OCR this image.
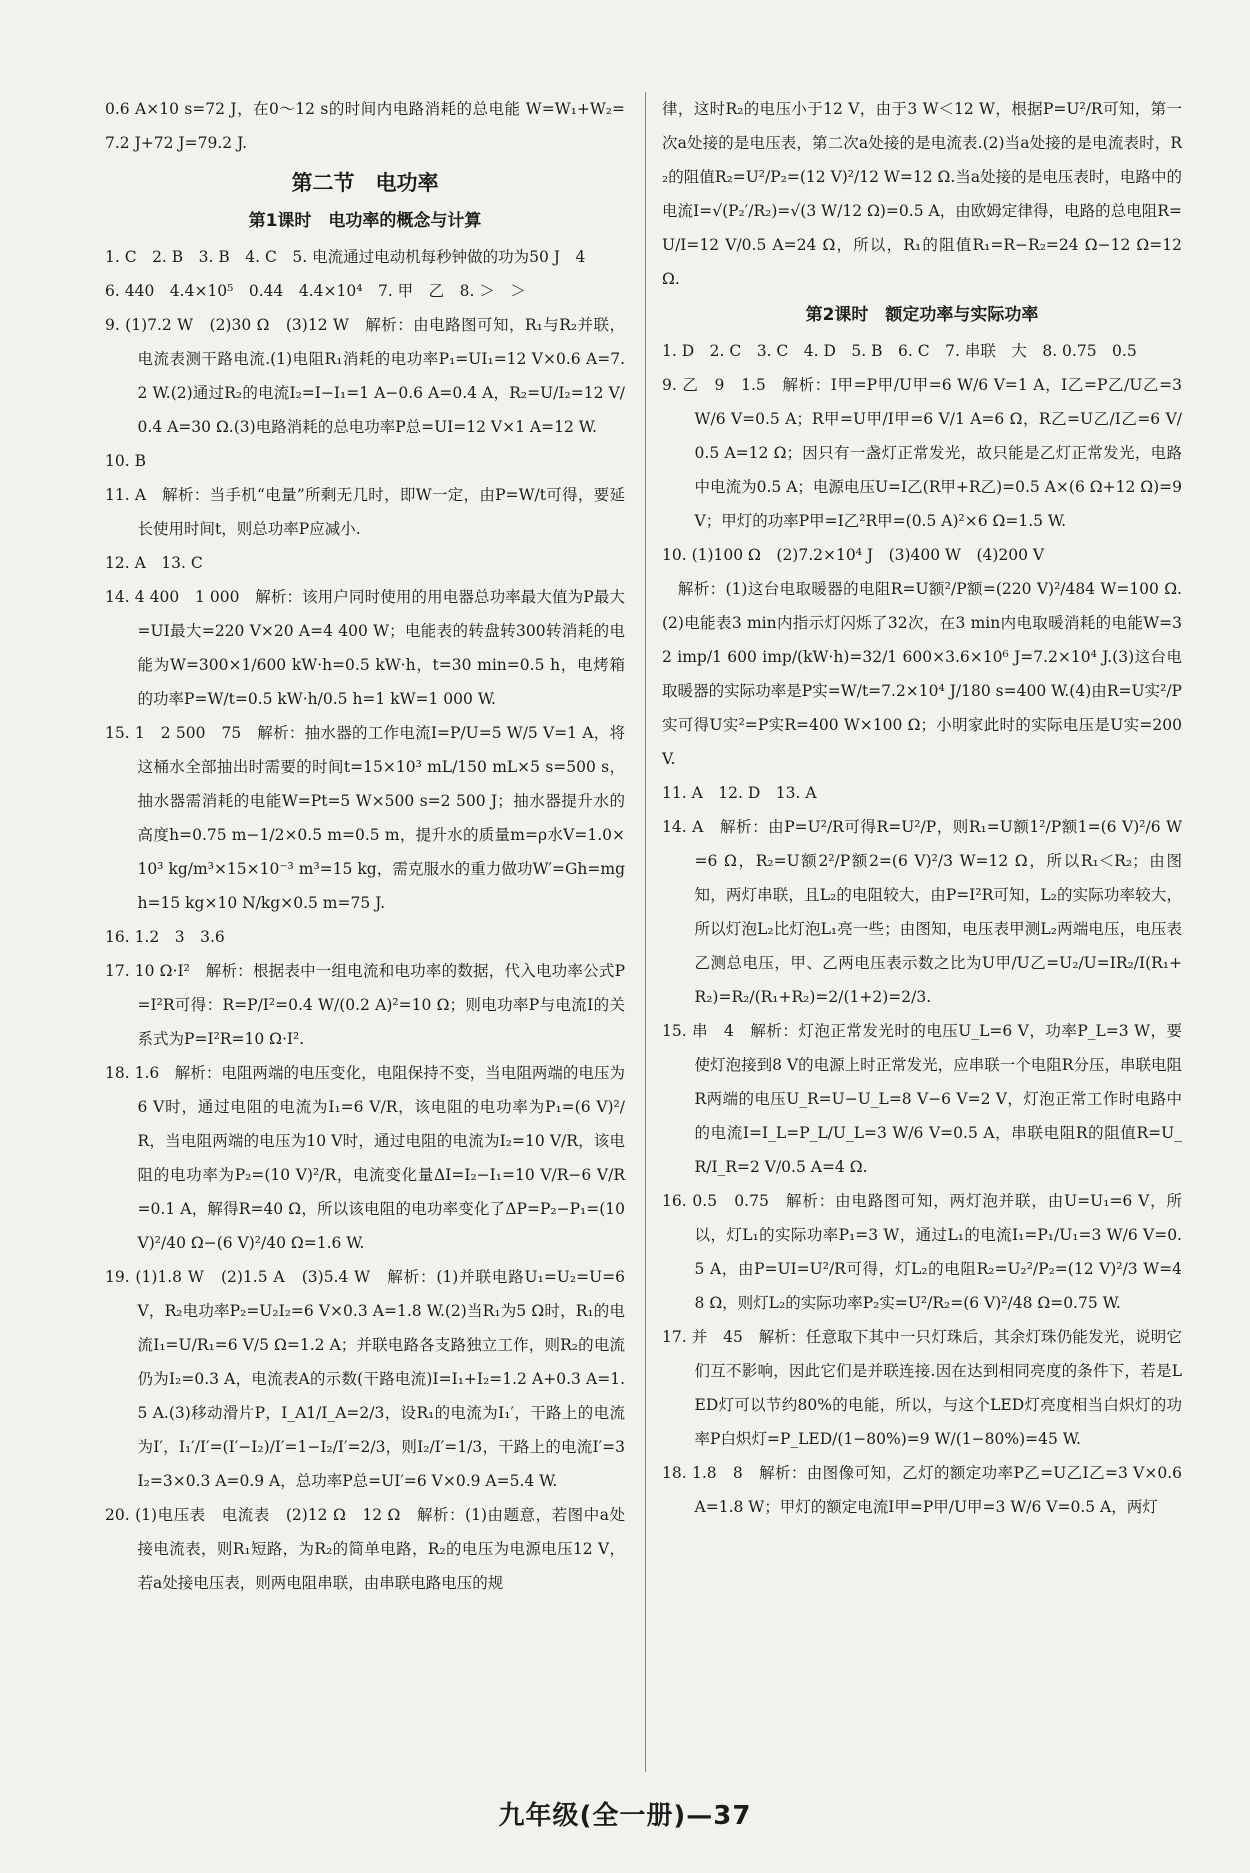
0.6 A×10 s=72 J，在0～12 s的时间内电路消耗的总电能 W=W₁+W₂=7.2 J+72 J=79.2 J.
第二节　电功率
第1课时　电功率的概念与计算
1. C　2. B　3. B　4. C　5. 电流通过电动机每秒钟做的功为50 J　4
6. 440　4.4×10⁵　0.44　4.4×10⁴　7. 甲　乙　8. ＞　＞
9. (1)7.2 W　(2)30 Ω　(3)12 W　解析：由电路图可知，R₁与R₂并联，电流表测干路电流.(1)电阻R₁消耗的电功率P₁=UI₁=12 V×0.6 A=7.2 W.(2)通过R₂的电流I₂=I−I₁=1 A−0.6 A=0.4 A，R₂=U/I₂=12 V/0.4 A=30 Ω.(3)电路消耗的总电功率P总=UI=12 V×1 A=12 W.
10. B
11. A　解析：当手机“电量”所剩无几时，即W一定，由P=W/t可得，要延长使用时间t，则总功率P应减小.
12. A　13. C
14. 4 400　1 000　解析：该用户同时使用的用电器总功率最大值为P最大=UI最大=220 V×20 A=4 400 W；电能表的转盘转300转消耗的电能为W=300×1/600 kW·h=0.5 kW·h，t=30 min=0.5 h，电烤箱的功率P=W/t=0.5 kW·h/0.5 h=1 kW=1 000 W.
15. 1　2 500　75　解析：抽水器的工作电流I=P/U=5 W/5 V=1 A，将这桶水全部抽出时需要的时间t=15×10³ mL/150 mL×5 s=500 s，抽水器需消耗的电能W=Pt=5 W×500 s=2 500 J；抽水器提升水的高度h=0.75 m−1/2×0.5 m=0.5 m，提升水的质量m=ρ水V=1.0×10³ kg/m³×15×10⁻³ m³=15 kg，需克服水的重力做功W′=Gh=mgh=15 kg×10 N/kg×0.5 m=75 J.
16. 1.2　3　3.6
17. 10 Ω·I²　解析：根据表中一组电流和电功率的数据，代入电功率公式P=I²R可得：R=P/I²=0.4 W/(0.2 A)²=10 Ω；则电功率P与电流I的关系式为P=I²R=10 Ω·I².
18. 1.6　解析：电阻两端的电压变化，电阻保持不变，当电阻两端的电压为6 V时，通过电阻的电流为I₁=6 V/R，该电阻的电功率为P₁=(6 V)²/R，当电阻两端的电压为10 V时，通过电阻的电流为I₂=10 V/R，该电阻的电功率为P₂=(10 V)²/R，电流变化量ΔI=I₂−I₁=10 V/R−6 V/R=0.1 A，解得R=40 Ω，所以该电阻的电功率变化了ΔP=P₂−P₁=(10 V)²/40 Ω−(6 V)²/40 Ω=1.6 W.
19. (1)1.8 W　(2)1.5 A　(3)5.4 W　解析：(1)并联电路U₁=U₂=U=6 V，R₂电功率P₂=U₂I₂=6 V×0.3 A=1.8 W.(2)当R₁为5 Ω时，R₁的电流I₁=U/R₁=6 V/5 Ω=1.2 A；并联电路各支路独立工作，则R₂的电流仍为I₂=0.3 A，电流表A的示数(干路电流)I=I₁+I₂=1.2 A+0.3 A=1.5 A.(3)移动滑片P，I_A1/I_A=2/3，设R₁的电流为I₁′，干路上的电流为I′，I₁′/I′=(I′−I₂)/I′=1−I₂/I′=2/3，则I₂/I′=1/3，干路上的电流I′=3I₂=3×0.3 A=0.9 A，总功率P总=UI′=6 V×0.9 A=5.4 W.
20. (1)电压表　电流表　(2)12 Ω　12 Ω　解析：(1)由题意，若图中a处接电流表，则R₁短路，为R₂的简单电路，R₂的电压为电源电压12 V，若a处接电压表，则两电阻串联，由串联电路电压的规
律，这时R₂的电压小于12 V，由于3 W＜12 W，根据P=U²/R可知，第一次a处接的是电压表，第二次a处接的是电流表.(2)当a处接的是电流表时，R₂的阻值R₂=U²/P₂=(12 V)²/12 W=12 Ω.当a处接的是电压表时，电路中的电流I=√(P₂′/R₂)=√(3 W/12 Ω)=0.5 A，由欧姆定律得，电路的总电阻R=U/I=12 V/0.5 A=24 Ω，所以，R₁的阻值R₁=R−R₂=24 Ω−12 Ω=12 Ω.
第2课时　额定功率与实际功率
1. D　2. C　3. C　4. D　5. B　6. C　7. 串联　大　8. 0.75　0.5
9. 乙　9　1.5　解析：I甲=P甲/U甲=6 W/6 V=1 A，I乙=P乙/U乙=3 W/6 V=0.5 A；R甲=U甲/I甲=6 V/1 A=6 Ω，R乙=U乙/I乙=6 V/0.5 A=12 Ω；因只有一盏灯正常发光，故只能是乙灯正常发光，电路中电流为0.5 A；电源电压U=I乙(R甲+R乙)=0.5 A×(6 Ω+12 Ω)=9 V；甲灯的功率P甲=I乙²R甲=(0.5 A)²×6 Ω=1.5 W.
10. (1)100 Ω　(2)7.2×10⁴ J　(3)400 W　(4)200 V
　解析：(1)这台电取暖器的电阻R=U额²/P额=(220 V)²/484 W=100 Ω.(2)电能表3 min内指示灯闪烁了32次，在3 min内电取暖消耗的电能W=32 imp/1 600 imp/(kW·h)=32/1 600×3.6×10⁶ J=7.2×10⁴ J.(3)这台电取暖器的实际功率是P实=W/t=7.2×10⁴ J/180 s=400 W.(4)由R=U实²/P实可得U实²=P实R=400 W×100 Ω；小明家此时的实际电压是U实=200 V.
11. A　12. D　13. A
14. A　解析：由P=U²/R可得R=U²/P，则R₁=U额1²/P额1=(6 V)²/6 W=6 Ω，R₂=U额2²/P额2=(6 V)²/3 W=12 Ω，所以R₁＜R₂；由图知，两灯串联，且L₂的电阻较大，由P=I²R可知，L₂的实际功率较大，所以灯泡L₂比灯泡L₁亮一些；由图知，电压表甲测L₂两端电压，电压表乙测总电压，甲、乙两电压表示数之比为U甲/U乙=U₂/U=IR₂/I(R₁+R₂)=R₂/(R₁+R₂)=2/(1+2)=2/3.
15. 串　4　解析：灯泡正常发光时的电压U_L=6 V，功率P_L=3 W，要使灯泡接到8 V的电源上时正常发光，应串联一个电阻R分压，串联电阻R两端的电压U_R=U−U_L=8 V−6 V=2 V，灯泡正常工作时电路中的电流I=I_L=P_L/U_L=3 W/6 V=0.5 A，串联电阻R的阻值R=U_R/I_R=2 V/0.5 A=4 Ω.
16. 0.5　0.75　解析：由电路图可知，两灯泡并联，由U=U₁=6 V，所以，灯L₁的实际功率P₁=3 W，通过L₁的电流I₁=P₁/U₁=3 W/6 V=0.5 A，由P=UI=U²/R可得，灯L₂的电阻R₂=U₂²/P₂=(12 V)²/3 W=48 Ω，则灯L₂的实际功率P₂实=U²/R₂=(6 V)²/48 Ω=0.75 W.
17. 并　45　解析：任意取下其中一只灯珠后，其余灯珠仍能发光，说明它们互不影响，因此它们是并联连接.因在达到相同亮度的条件下，若是LED灯可以节约80%的电能，所以，与这个LED灯亮度相当白炽灯的功率P白炽灯=P_LED/(1−80%)=9 W/(1−80%)=45 W.
18. 1.8　8　解析：由图像可知，乙灯的额定功率P乙=U乙I乙=3 V×0.6 A=1.8 W；甲灯的额定电流I甲=P甲/U甲=3 W/6 V=0.5 A，两灯
九年级(全一册)—37
